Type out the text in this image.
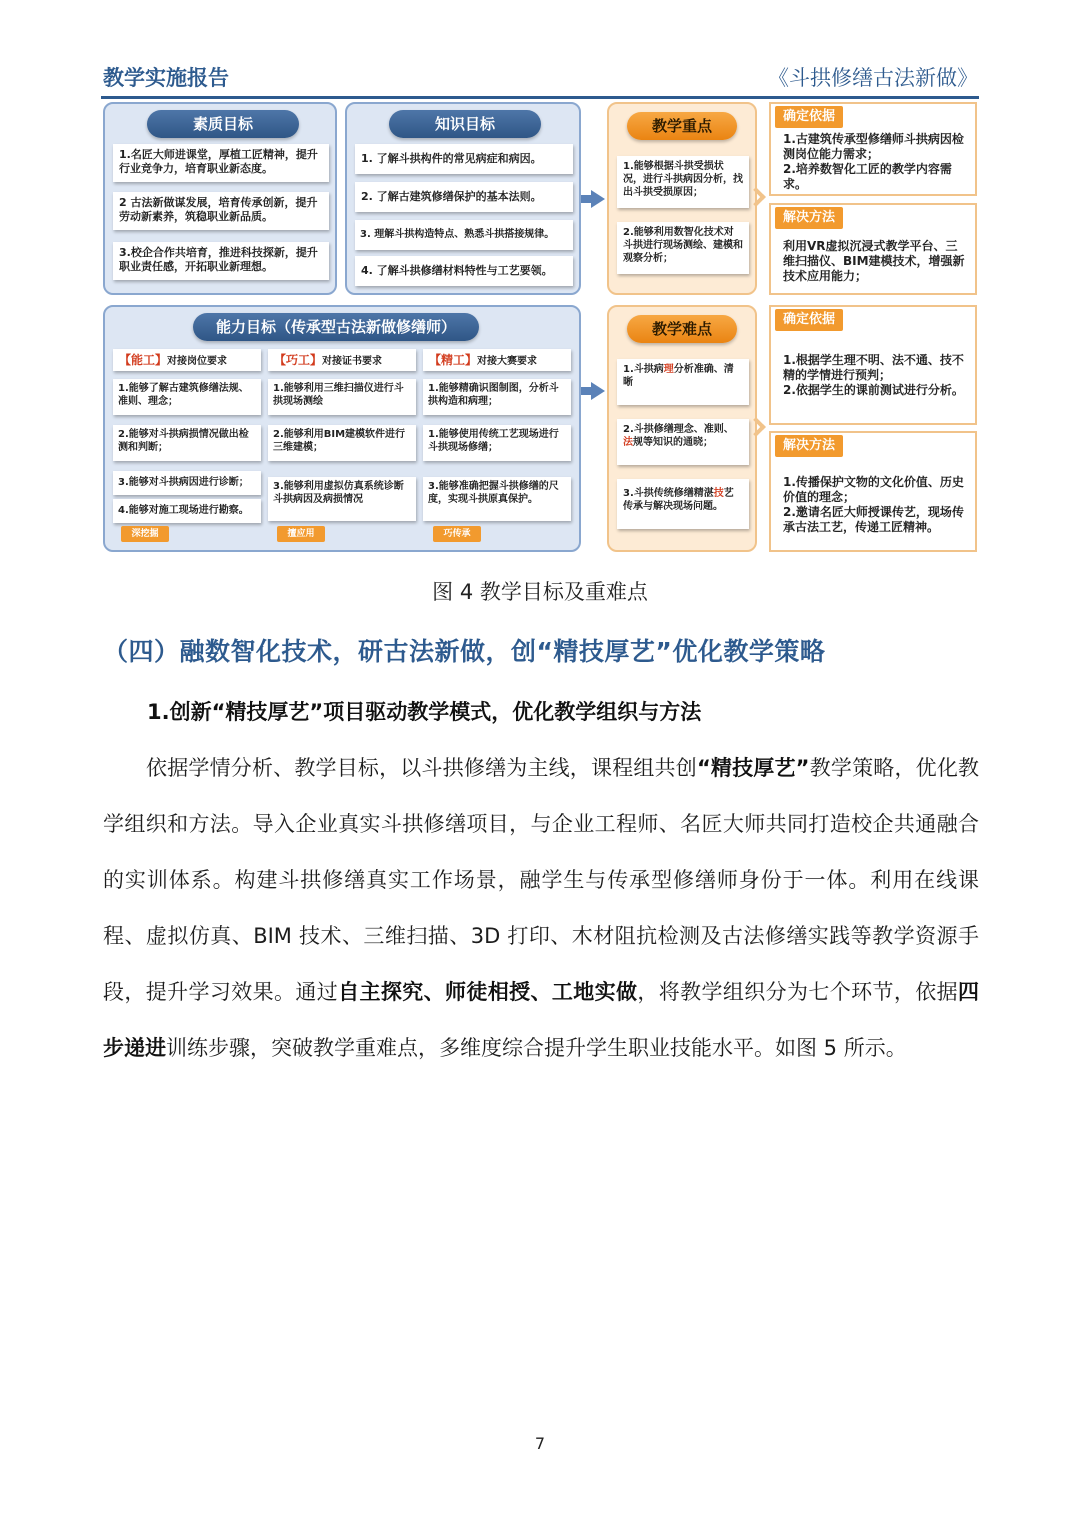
教学实施报告	《斗拱修缮古法新做》
素质目标
1.名匠大师进课堂，厚植工匠精神，提升行业竞争力，培育职业新态度。
2 古法新做谋发展，培育传承创新，提升劳动新素养，筑稳职业新品质。
3.校企合作共培育，推进科技探新，提升职业责任感，开拓职业新理想。
知识目标
1. 了解斗拱构件的常见病症和病因。
2. 了解古建筑修缮保护的基本法则。
3. 理解斗拱构造特点、熟悉斗拱搭接规律。
4. 了解斗拱修缮材料特性与工艺要领。
能力目标（传承型古法新做修缮师）
【能工】对接岗位要求
1.能够了解古建筑修缮法规、准则、理念；
2.能够对斗拱病损情况做出检测和判断；
3.能够对斗拱病因进行诊断；
4.能够对施工现场进行勘察。
深挖掘
【巧工】对接证书要求
1.能够利用三维扫描仪进行斗拱现场测绘
2.能够利用BIM建模软件进行三维建模；
3.能够利用虚拟仿真系统诊断斗拱病因及病损情况
擅应用
【精工】对接大赛要求
1.能够精确识图制图，分析斗拱构造和病理；
1.能够使用传统工艺现场进行斗拱现场修缮；
3.能够准确把握斗拱修缮的尺度，实现斗拱原真保护。
巧传承
教学重点
1.能够根据斗拱受损状况，进行斗拱病因分析，找出斗拱受损原因；
2.能够利用数智化技术对斗拱进行现场测绘、建模和观察分析；
确定依据
1.古建筑传承型修缮师斗拱病因检测岗位能力需求；
2.培养数智化工匠的教学内容需求。
解决方法
利用VR虚拟沉浸式教学平台、三维扫描仪、BIM建模技术，增强新技术应用能力；
教学难点
1.斗拱病理分析准确、清晰
2.斗拱修缮理念、准则、法规等知识的通晓；
3.斗拱传统修缮精湛技艺传承与解决现场问题。
确定依据
1.根据学生理不明、法不通、技不精的学情进行预判；
2.依据学生的课前测试进行分析。
解决方法
1.传播保护文物的文化价值、历史价值的理念；
2.邀请名匠大师授课传艺，现场传承古法工艺，传递工匠精神。
图 4 教学目标及重难点
（四）融数智化技术，研古法新做，创“精技厚艺”优化教学策略
1.创新“精技厚艺”项目驱动教学模式，优化教学组织与方法

依据学情分析、教学目标，以斗拱修缮为主线，课程组共创“精技厚艺”教学策略，优化教学组织和方法。导入企业真实斗拱修缮项目，与企业工程师、名匠大师共同打造校企共通融合的实训体系。构建斗拱修缮真实工作场景，融学生与传承型修缮师身份于一体。利用在线课程、虚拟仿真、BIM 技术、三维扫描、3D 打印、木材阻抗检测及古法修缮实践等教学资源手段，提升学习效果。通过自主探究、师徒相授、工地实做，将教学组织分为七个环节，依据四步递进训练步骤，突破教学重难点，多维度综合提升学生职业技能水平。如图 5 所示。

7
